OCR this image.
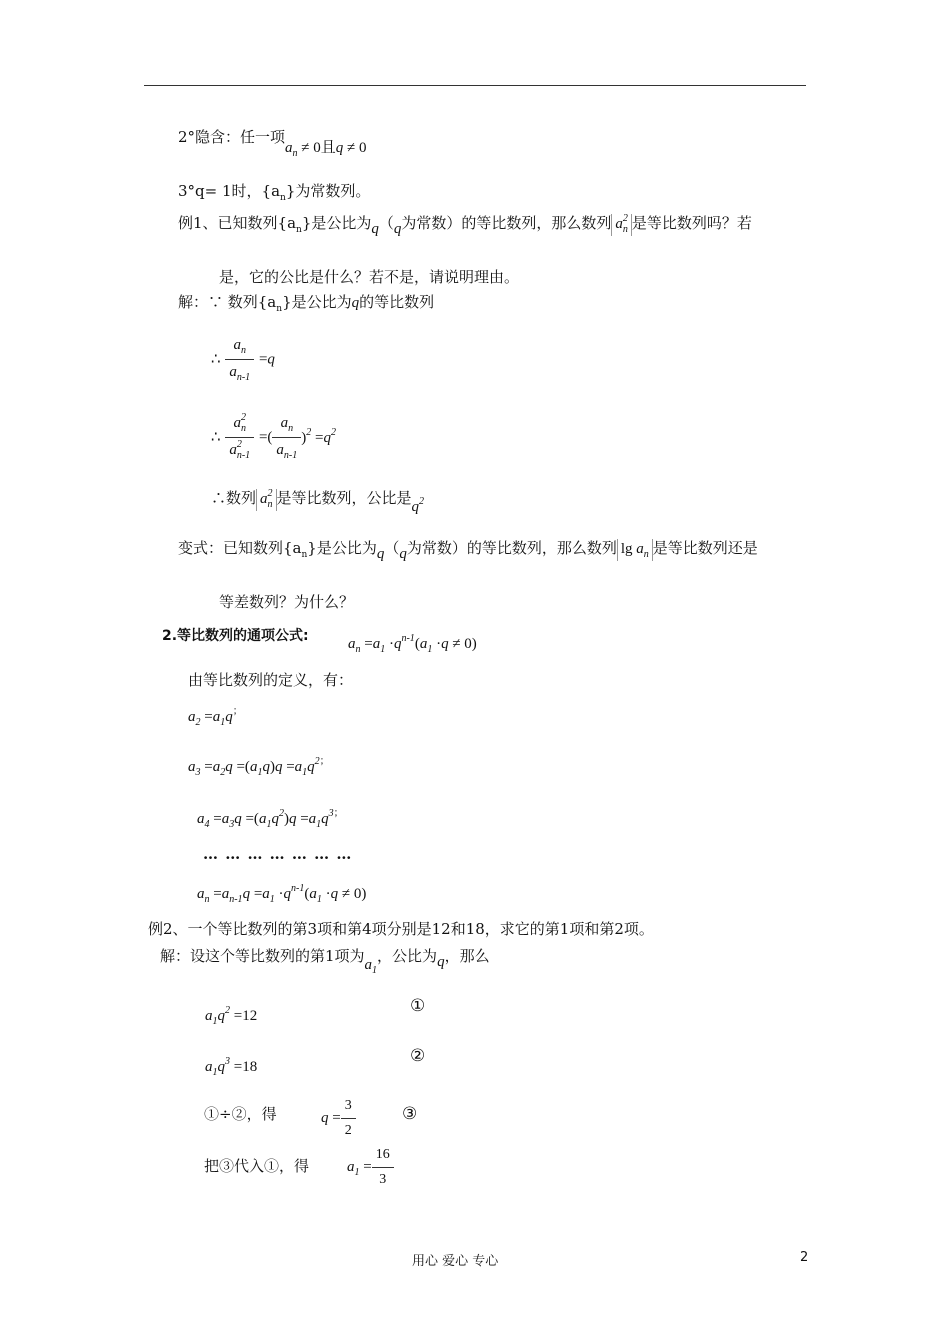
2°隐含：任一项$a_n \ne 0$且q ≠ 0
3°q= 1时，$\{a_n\}$为常数列。
例1、已知数列$\{a_n\}$是公比为q（q为常数）的等比数列，那么数列 $a^2_n$ 是等比数列吗？若
是，它的公比是什么？若不是，请说明理由。
解：∵ 数列$\{a_n\}$是公比为q的等比数列
∴ $\frac{a_n}{a_{n-1}} =q$
∴ $\frac{a^2_n}{a^2_{n-1}}$ =( $\frac{a_n}{a_{n-1}} )^2 =q^2$
∴数列 $a^2_n$ 是等比数列，公比是$q^2$
变式：已知数列$\{a_n\}$是公比为q（q为常数）的等比数列，那么数列 $\lg a_n$ 是等比数列还是
等差数列？为什么？
2.等比数列的通项公式:	$a_n =a_1 \cdot q^{n-1}(a_1 \cdot q \ne 0)$
由等比数列的定义，有：
$a_2 =a_1q^;$
$a_3 =a_2q =(a_1q)q =a_1q^{2;}$
$a_4 =a_3q =(a_1q^2)q =a_1q^{3;}$
… … … … … … …
$a_n =a_{n-1}q =a_1 \cdot q^{n-1}(a_1 \cdot q \ne 0)$
例2、一个等比数列的第3项和第4项分别是12和18，求它的第1项和第2项。
解：设这个等比数列的第1项为$a_1$，公比为q，那么
$a_1q^2 =12$	①
$a_1q^3 =18$
②
①÷②，得	$q = \frac{3}{2}$	③
把③代入①，得	$a_1 = \frac{16}{3}$
用心 爱心 专心	2
